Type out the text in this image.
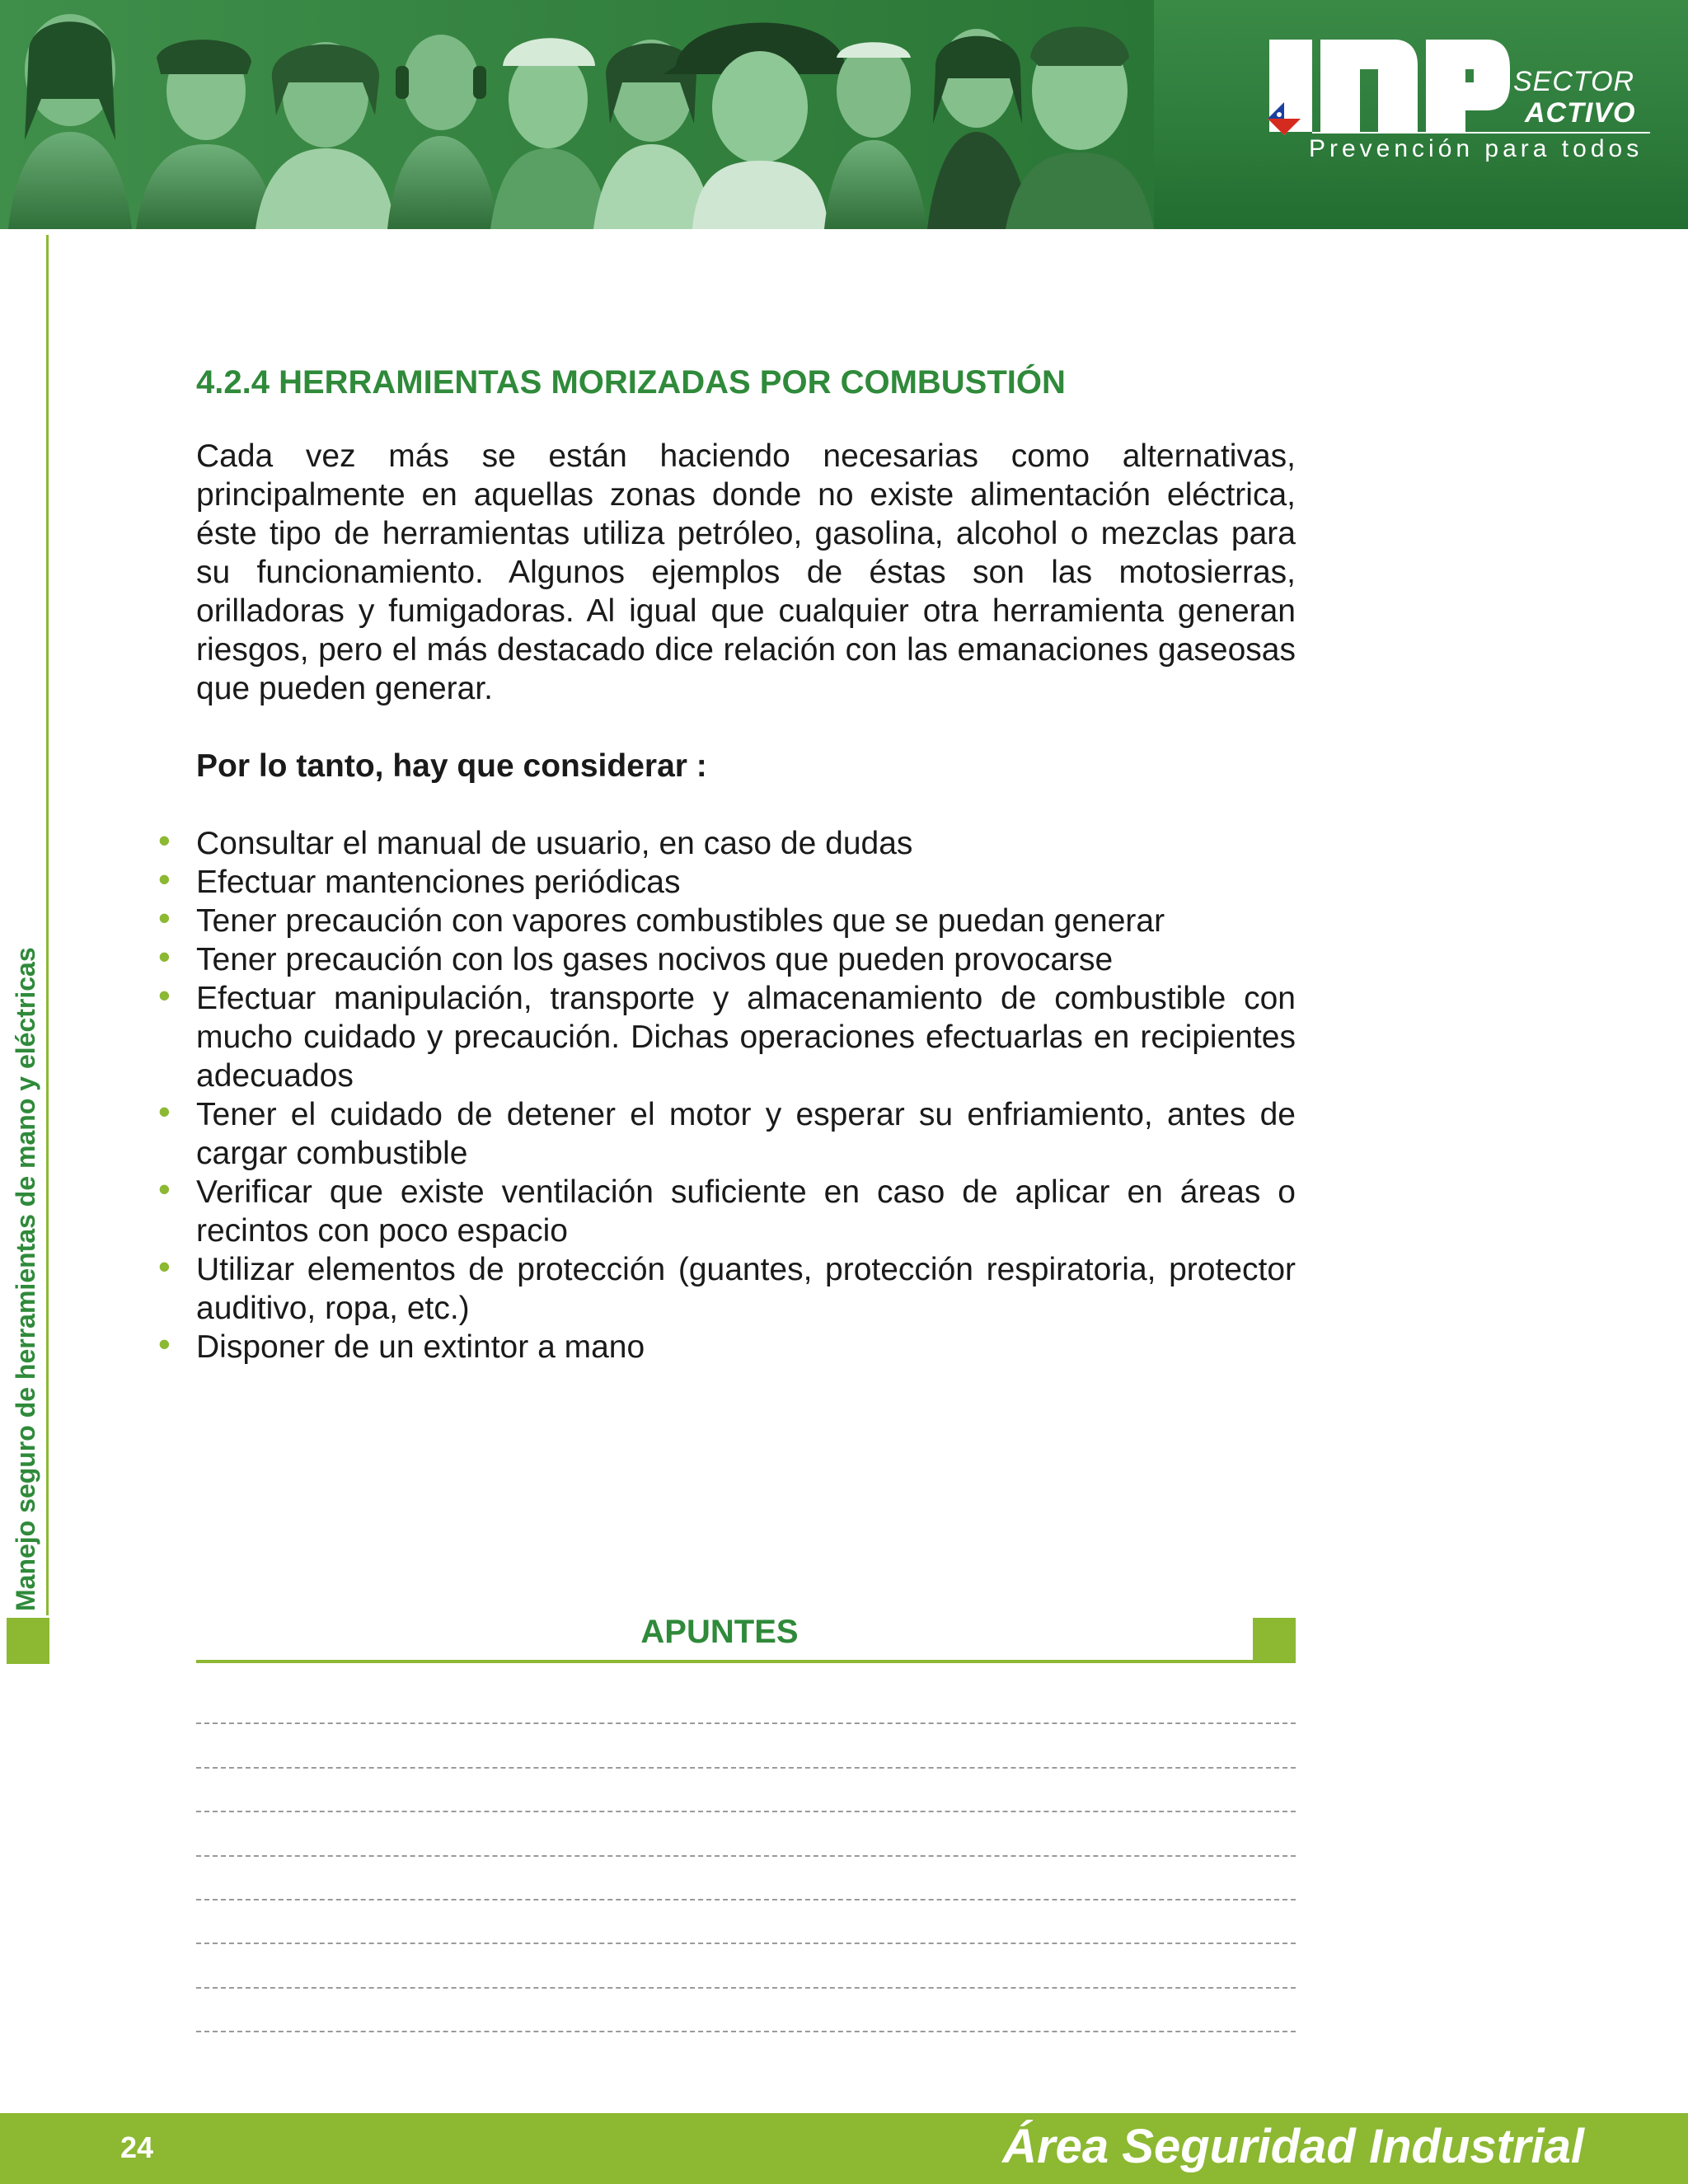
SECTOR
ACTIVO
Prevención para todos
Manejo seguro de herramientas de mano y eléctricas
4.2.4 HERRAMIENTAS MORIZADAS POR COMBUSTIÓN

Cada vez más se están haciendo necesarias como alternativas, principalmente en aquellas zonas donde no existe alimentación eléctrica, éste tipo de herramientas utiliza petróleo, gasolina, alcohol o mezclas para su funcionamiento. Algunos ejemplos de éstas son las motosierras, orilladoras y fumigadoras. Al igual que cualquier otra herramienta generan riesgos, pero el más destacado dice relación con las emanaciones gaseosas que pueden generar.

Por lo tanto, hay que considerar :

• Consultar el manual de usuario, en caso de dudas
• Efectuar mantenciones periódicas
• Tener precaución con vapores combustibles que se puedan generar
• Tener precaución con los gases nocivos que pueden provocarse
• Efectuar manipulación, transporte y almacenamiento de combustible con mucho cuidado y precaución. Dichas operaciones efectuarlas en recipientes adecuados
• Tener el cuidado de detener el motor y esperar su enfriamiento, antes de cargar combustible
• Verificar que existe ventilación suficiente en caso de aplicar en áreas o recintos con poco espacio
• Utilizar elementos de protección (guantes, protección respiratoria, protector auditivo, ropa, etc.)
• Disponer de un extintor a mano
APUNTES
24	Área Seguridad Industrial
